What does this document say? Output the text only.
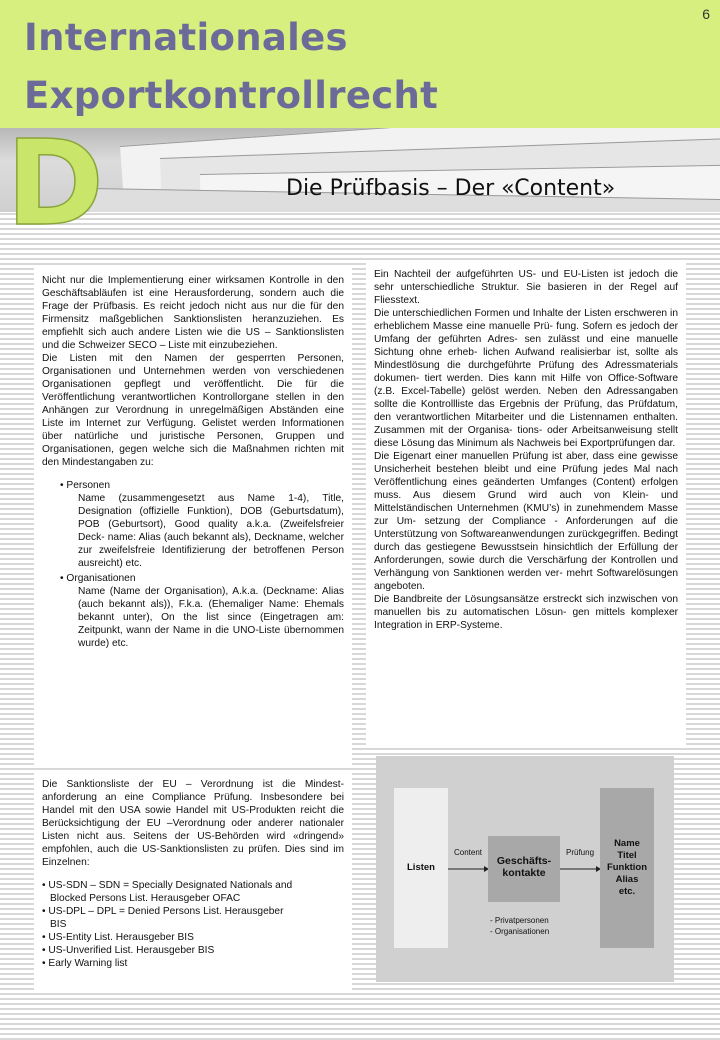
Internationales
Exportkontrollrecht
6
D	Die Prüfbasis – Der «Content»

Nicht nur die Implementierung einer wirksamen Kontrolle in den Geschäftsabläufen ist eine Herausforderung, sondern auch die Frage der Prüfbasis. Es reicht jedoch nicht aus nur die für den Firmensitz maßgeblichen Sanktionslisten heranzuziehen. Es empfiehlt sich auch andere Listen wie die US – Sanktionslisten und die Schweizer SECO – Liste mit einzubeziehen.

Die Listen mit den Namen der gesperrten Personen, Organisationen und Unternehmen werden von verschiedenen Organisationen gepflegt und veröffentlicht. Die für die Veröffentlichung verantwortlichen Kontrollorgane stellen in den Anhängen zur Verordnung in unregelmäßigen Abständen eine Liste im Internet zur Verfügung. Gelistet werden Informationen über natürliche und juristische Personen, Gruppen und Organisationen, gegen welche sich die Maßnahmen richten mit den Mindestangaben zu:

• Personen

Name (zusammengesetzt aus Name 1-4), Title, Designation (offizielle Funktion), DOB (Geburtsdatum), POB (Geburtsort), Good quality a.k.a. (Zweifelsfreier Deck- name: Alias (auch bekannt als), Deckname, welcher zur zweifelsfreie Identifizierung der betroffenen Person ausreicht) etc.

• Organisationen

Name (Name der Organisation), A.k.a. (Deckname: Alias (auch bekannt als)), F.k.a. (Ehemaliger Name: Ehemals bekannt unter), On the list since (Eingetragen am: Zeitpunkt, wann der Name in die UNO-Liste übernommen wurde) etc.

Die Sanktionsliste der EU – Verordnung ist die Mindest- anforderung an eine Compliance Prüfung. Insbesondere bei Handel mit den USA sowie Handel mit US-Produkten reicht die Berücksichtigung der EU –Verordnung oder anderer nationaler Listen nicht aus. Seitens der US-Behörden wird «dringend» empfohlen, auch die US-Sanktionslisten zu prüfen. Dies sind im Einzelnen:

• US-SDN – SDN = Specially Designated Nationals and

Blocked Persons List. Herausgeber OFAC

• US-DPL – DPL = Denied Persons List. Herausgeber

BIS

• US-Entity List. Herausgeber BIS

• US-Unverified List. Herausgeber BIS

• Early Warning list

Ein Nachteil der aufgeführten US- und EU-Listen ist jedoch die sehr unterschiedliche Struktur. Sie basieren in der Regel auf Fliesstext.

Die unterschiedlichen Formen und Inhalte der Listen erschweren in erheblichem Masse eine manuelle Prü- fung. Sofern es jedoch der Umfang der geführten Adres- sen zulässt und eine manuelle Sichtung ohne erheb- lichen Aufwand realisierbar ist, sollte als Mindestlösung die durchgeführte Prüfung des Adressmaterials dokumen- tiert werden. Dies kann mit Hilfe von Office-Software (z.B. Excel-Tabelle) gelöst werden. Neben den Adressangaben sollte die Kontrollliste das Ergebnis der Prüfung, das Prüfdatum, den verantwortlichen Mitarbeiter und die Listennamen enthalten. Zusammen mit der Organisa- tions- oder Arbeitsanweisung stellt diese Lösung das Minimum als Nachweis bei Exportprüfungen dar.

Die Eigenart einer manuellen Prüfung ist aber, dass eine gewisse Unsicherheit bestehen bleibt und eine Prüfung jedes Mal nach Veröffentlichung eines geänderten Umfanges (Content) erfolgen muss. Aus diesem Grund wird auch von Klein- und Mittelständischen Unternehmen (KMU’s) in zunehmendem Masse zur Um- setzung der Compliance - Anforderungen auf die Unterstützung von Softwareanwendungen zurückgegriffen. Bedingt durch das gestiegene Bewusstsein hinsichtlich der Erfüllung der Anforderungen, sowie durch die Verschärfung der Kontrollen und Verhängung von Sanktionen werden ver- mehrt Softwarelösungen angeboten.

Die Bandbreite der Lösungsansätze erstreckt sich inzwischen von manuellen bis zu automatischen Lösun- gen mittels komplexer Integration in ERP-Systeme.

Listen
Content
Geschäfts-
kontakte
Prüfung
Name
Titel
Funktion
Alias
etc.
- Privatpersonen
- Organisationen
